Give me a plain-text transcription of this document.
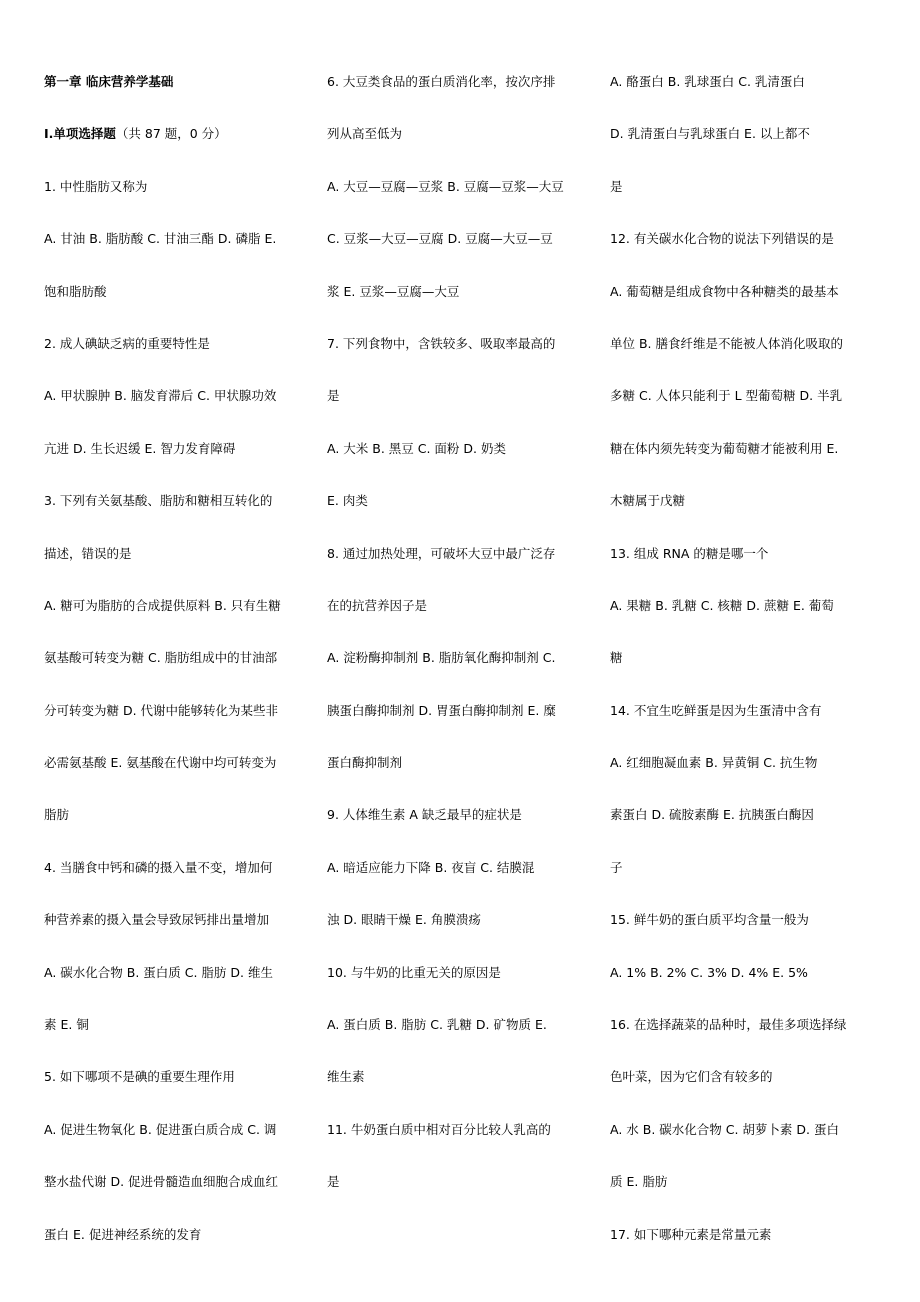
第一章 临床营养学基础
I.单项选择题（共 87 题，0 分）
1. 中性脂肪又称为
A. 甘油 B. 脂肪酸 C. 甘油三酯 D. 磷脂 E.
饱和脂肪酸
2. 成人碘缺乏病的重要特性是
A. 甲状腺肿 B. 脑发育滞后 C. 甲状腺功效
亢进 D. 生长迟缓 E. 智力发育障碍
3. 下列有关氨基酸、脂肪和糖相互转化的
描述，错误的是
A. 糖可为脂肪的合成提供原料 B. 只有生糖
氨基酸可转变为糖 C. 脂肪组成中的甘油部
分可转变为糖 D. 代谢中能够转化为某些非
必需氨基酸 E. 氨基酸在代谢中均可转变为
脂肪
4. 当膳食中钙和磷的摄入量不变，增加何
种营养素的摄入量会导致尿钙排出量增加
A. 碳水化合物 B. 蛋白质 C. 脂肪 D. 维生
素 E. 铜
5. 如下哪项不是碘的重要生理作用
A. 促进生物氧化 B. 促进蛋白质合成 C. 调
整水盐代谢 D. 促进骨髓造血细胞合成血红
蛋白 E. 促进神经系统的发育
6. 大豆类食品的蛋白质消化率，按次序排
列从高至低为
A. 大豆—豆腐—豆浆 B. 豆腐—豆浆—大豆
C. 豆浆—大豆—豆腐 D. 豆腐—大豆—豆
浆 E. 豆浆—豆腐—大豆
7. 下列食物中，含铁较多、吸取率最高的
是
A. 大米 B. 黑豆 C. 面粉 D. 奶类
E. 肉类
8. 通过加热处理，可破坏大豆中最广泛存
在的抗营养因子是
A. 淀粉酶抑制剂 B. 脂肪氧化酶抑制剂 C.
胰蛋白酶抑制剂 D. 胃蛋白酶抑制剂 E. 糜
蛋白酶抑制剂
9. 人体维生素 A 缺乏最早的症状是
A. 暗适应能力下降 B. 夜盲 C. 结膜混
浊 D. 眼睛干燥 E. 角膜溃疡
10. 与牛奶的比重无关的原因是
A. 蛋白质 B. 脂肪 C. 乳糖 D. 矿物质 E.
维生素
11. 牛奶蛋白质中相对百分比较人乳高的
是
A. 酪蛋白 B. 乳球蛋白 C. 乳清蛋白
D. 乳清蛋白与乳球蛋白 E. 以上都不
是
12. 有关碳水化合物的说法下列错误的是
A. 葡萄糖是组成食物中各种糖类的最基本
单位 B. 膳食纤维是不能被人体消化吸取的
多糖 C. 人体只能利于 L 型葡萄糖 D. 半乳
糖在体内须先转变为葡萄糖才能被利用 E.
木糖属于戊糖
13. 组成 RNA 的糖是哪一个
A. 果糖 B. 乳糖 C. 核糖 D. 蔗糖 E. 葡萄
糖
14. 不宜生吃鲜蛋是因为生蛋清中含有
A. 红细胞凝血素 B. 异黄铜 C. 抗生物
素蛋白 D. 硫胺素酶 E. 抗胰蛋白酶因
子
15. 鲜牛奶的蛋白质平均含量一般为
A. 1% B. 2% C. 3% D. 4% E. 5%
16. 在选择蔬菜的品种时，最佳多项选择绿
色叶菜，因为它们含有较多的
A. 水 B. 碳水化合物 C. 胡萝卜素 D. 蛋白
质 E. 脂肪
17. 如下哪种元素是常量元素
